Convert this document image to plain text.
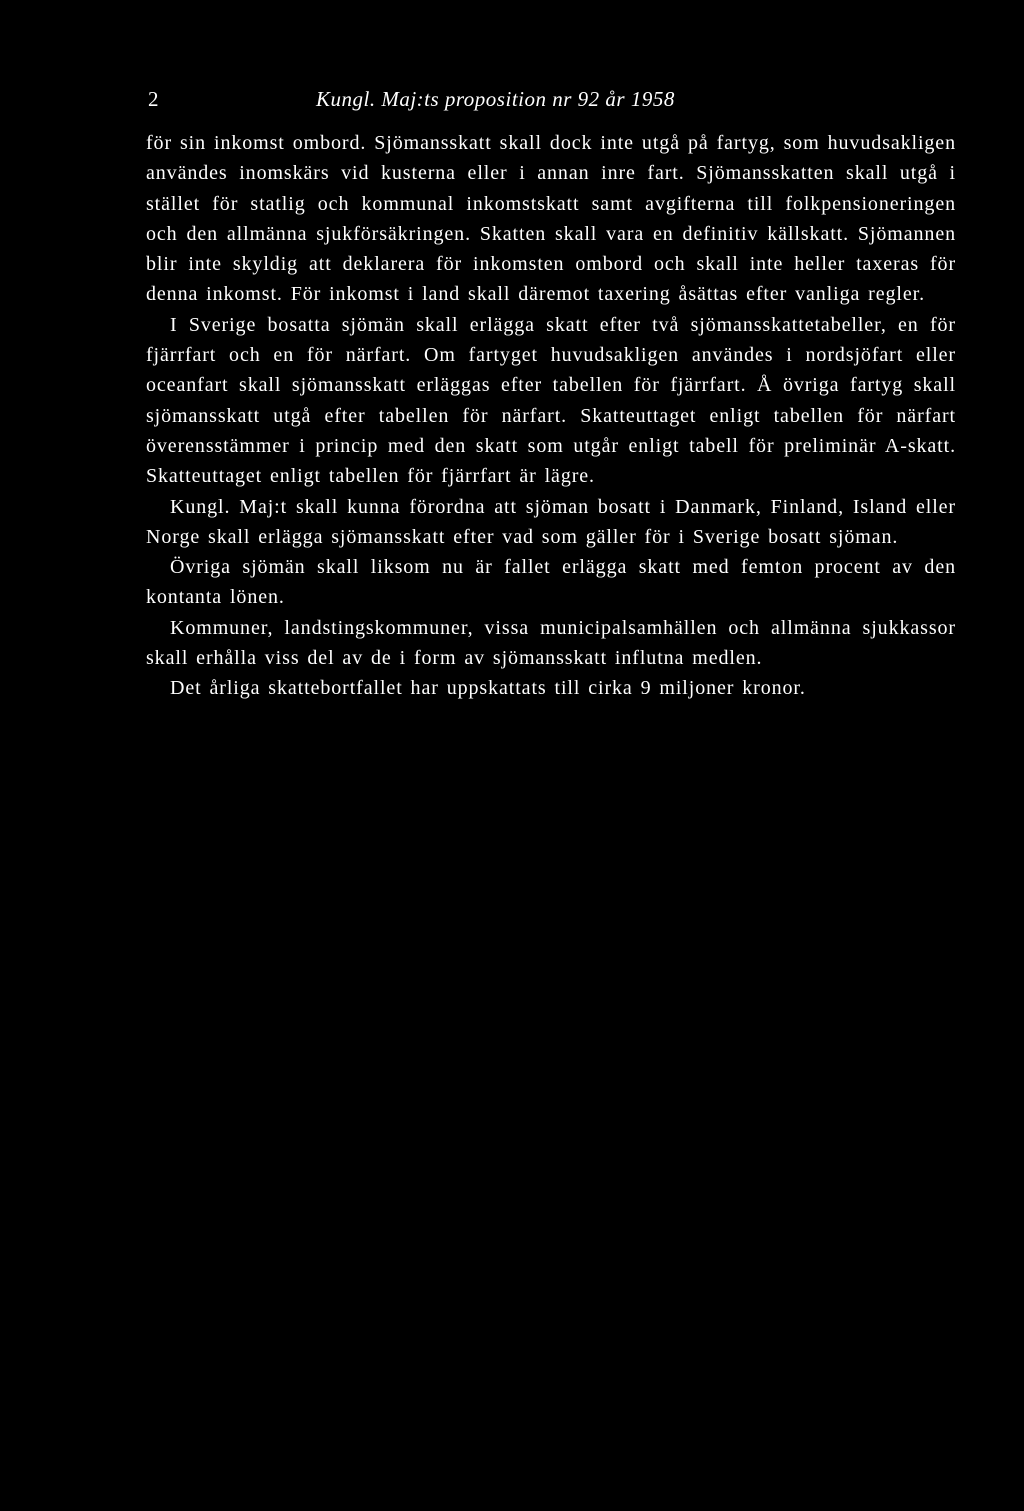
2	Kungl. Maj:ts proposition nr 92 år 1958

för sin inkomst ombord. Sjömansskatt skall dock inte utgå på fartyg, som huvudsakligen användes inomskärs vid kusterna eller i annan inre fart. Sjömansskatten skall utgå i stället för statlig och kommunal inkomstskatt samt avgifterna till folkpensioneringen och den allmänna sjukförsäkringen. Skatten skall vara en definitiv källskatt. Sjömannen blir inte skyldig att deklarera för inkomsten ombord och skall inte heller taxeras för denna inkomst. För inkomst i land skall däremot taxering åsättas efter vanliga regler.

I Sverige bosatta sjömän skall erlägga skatt efter två sjömansskattetabeller, en för fjärrfart och en för närfart. Om fartyget huvudsakligen användes i nordsjöfart eller oceanfart skall sjömansskatt erläggas efter tabellen för fjärrfart. Å övriga fartyg skall sjömansskatt utgå efter tabellen för närfart. Skatteuttaget enligt tabellen för närfart överensstämmer i princip med den skatt som utgår enligt tabell för preliminär A-skatt. Skatteuttaget enligt tabellen för fjärrfart är lägre.

Kungl. Maj:t skall kunna förordna att sjöman bosatt i Danmark, Finland, Island eller Norge skall erlägga sjömansskatt efter vad som gäller för i Sverige bosatt sjöman.

Övriga sjömän skall liksom nu är fallet erlägga skatt med femton procent av den kontanta lönen.

Kommuner, landstingskommuner, vissa municipalsamhällen och allmänna sjukkassor skall erhålla viss del av de i form av sjömansskatt influtna medlen.

Det årliga skattebortfallet har uppskattats till cirka 9 miljoner kronor.
